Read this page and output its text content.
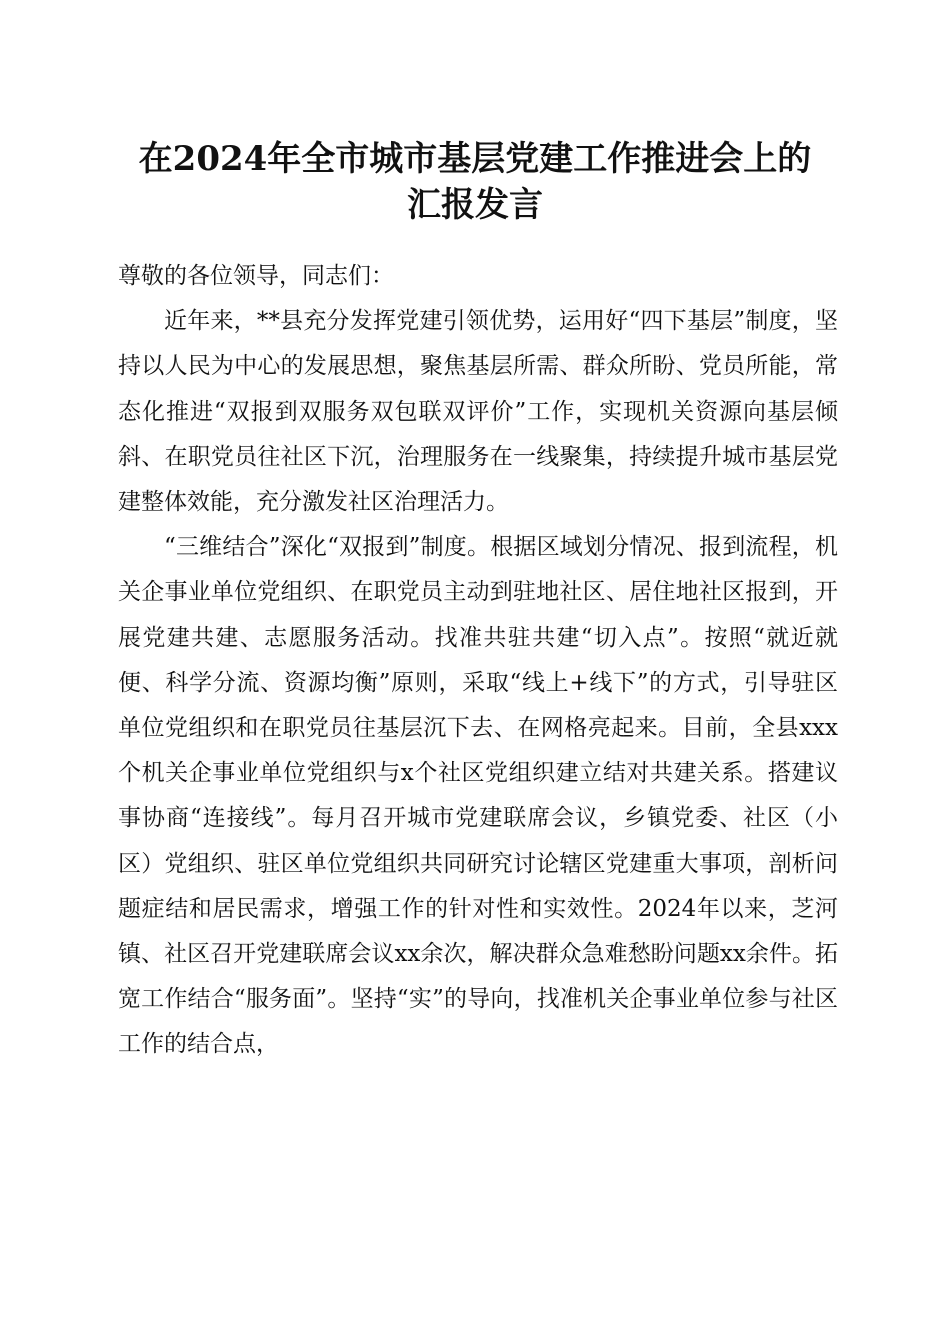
在2024年全市城市基层党建工作推进会上的
汇报发言

尊敬的各位领导，同志们：

近年来，**县充分发挥党建引领优势，运用好“四下基层”制度，坚持以人民为中心的发展思想，聚焦基层所需、群众所盼、党员所能，常态化推进“双报到双服务双包联双评价”工作，实现机关资源向基层倾斜、在职党员往社区下沉，治理服务在一线聚集，持续提升城市基层党建整体效能，充分激发社区治理活力。

“三维结合”深化“双报到”制度。根据区域划分情况、报到流程，机关企事业单位党组织、在职党员主动到驻地社区、居住地社区报到，开展党建共建、志愿服务活动。找准共驻共建“切入点”。按照“就近就便、科学分流、资源均衡”原则，采取“线上+线下”的方式，引导驻区单位党组织和在职党员往基层沉下去、在网格亮起来。目前，全县xxx个机关企事业单位党组织与x个社区党组织建立结对共建关系。搭建议事协商“连接线”。每月召开城市党建联席会议，乡镇党委、社区（小区）党组织、驻区单位党组织共同研究讨论辖区党建重大事项，剖析问题症结和居民需求，增强工作的针对性和实效性。2024年以来，芝河镇、社区召开党建联席会议xx余次，解决群众急难愁盼问题xx余件。拓宽工作结合“服务面”。坚持“实”的导向，找准机关企事业单位参与社区工作的结合点，
